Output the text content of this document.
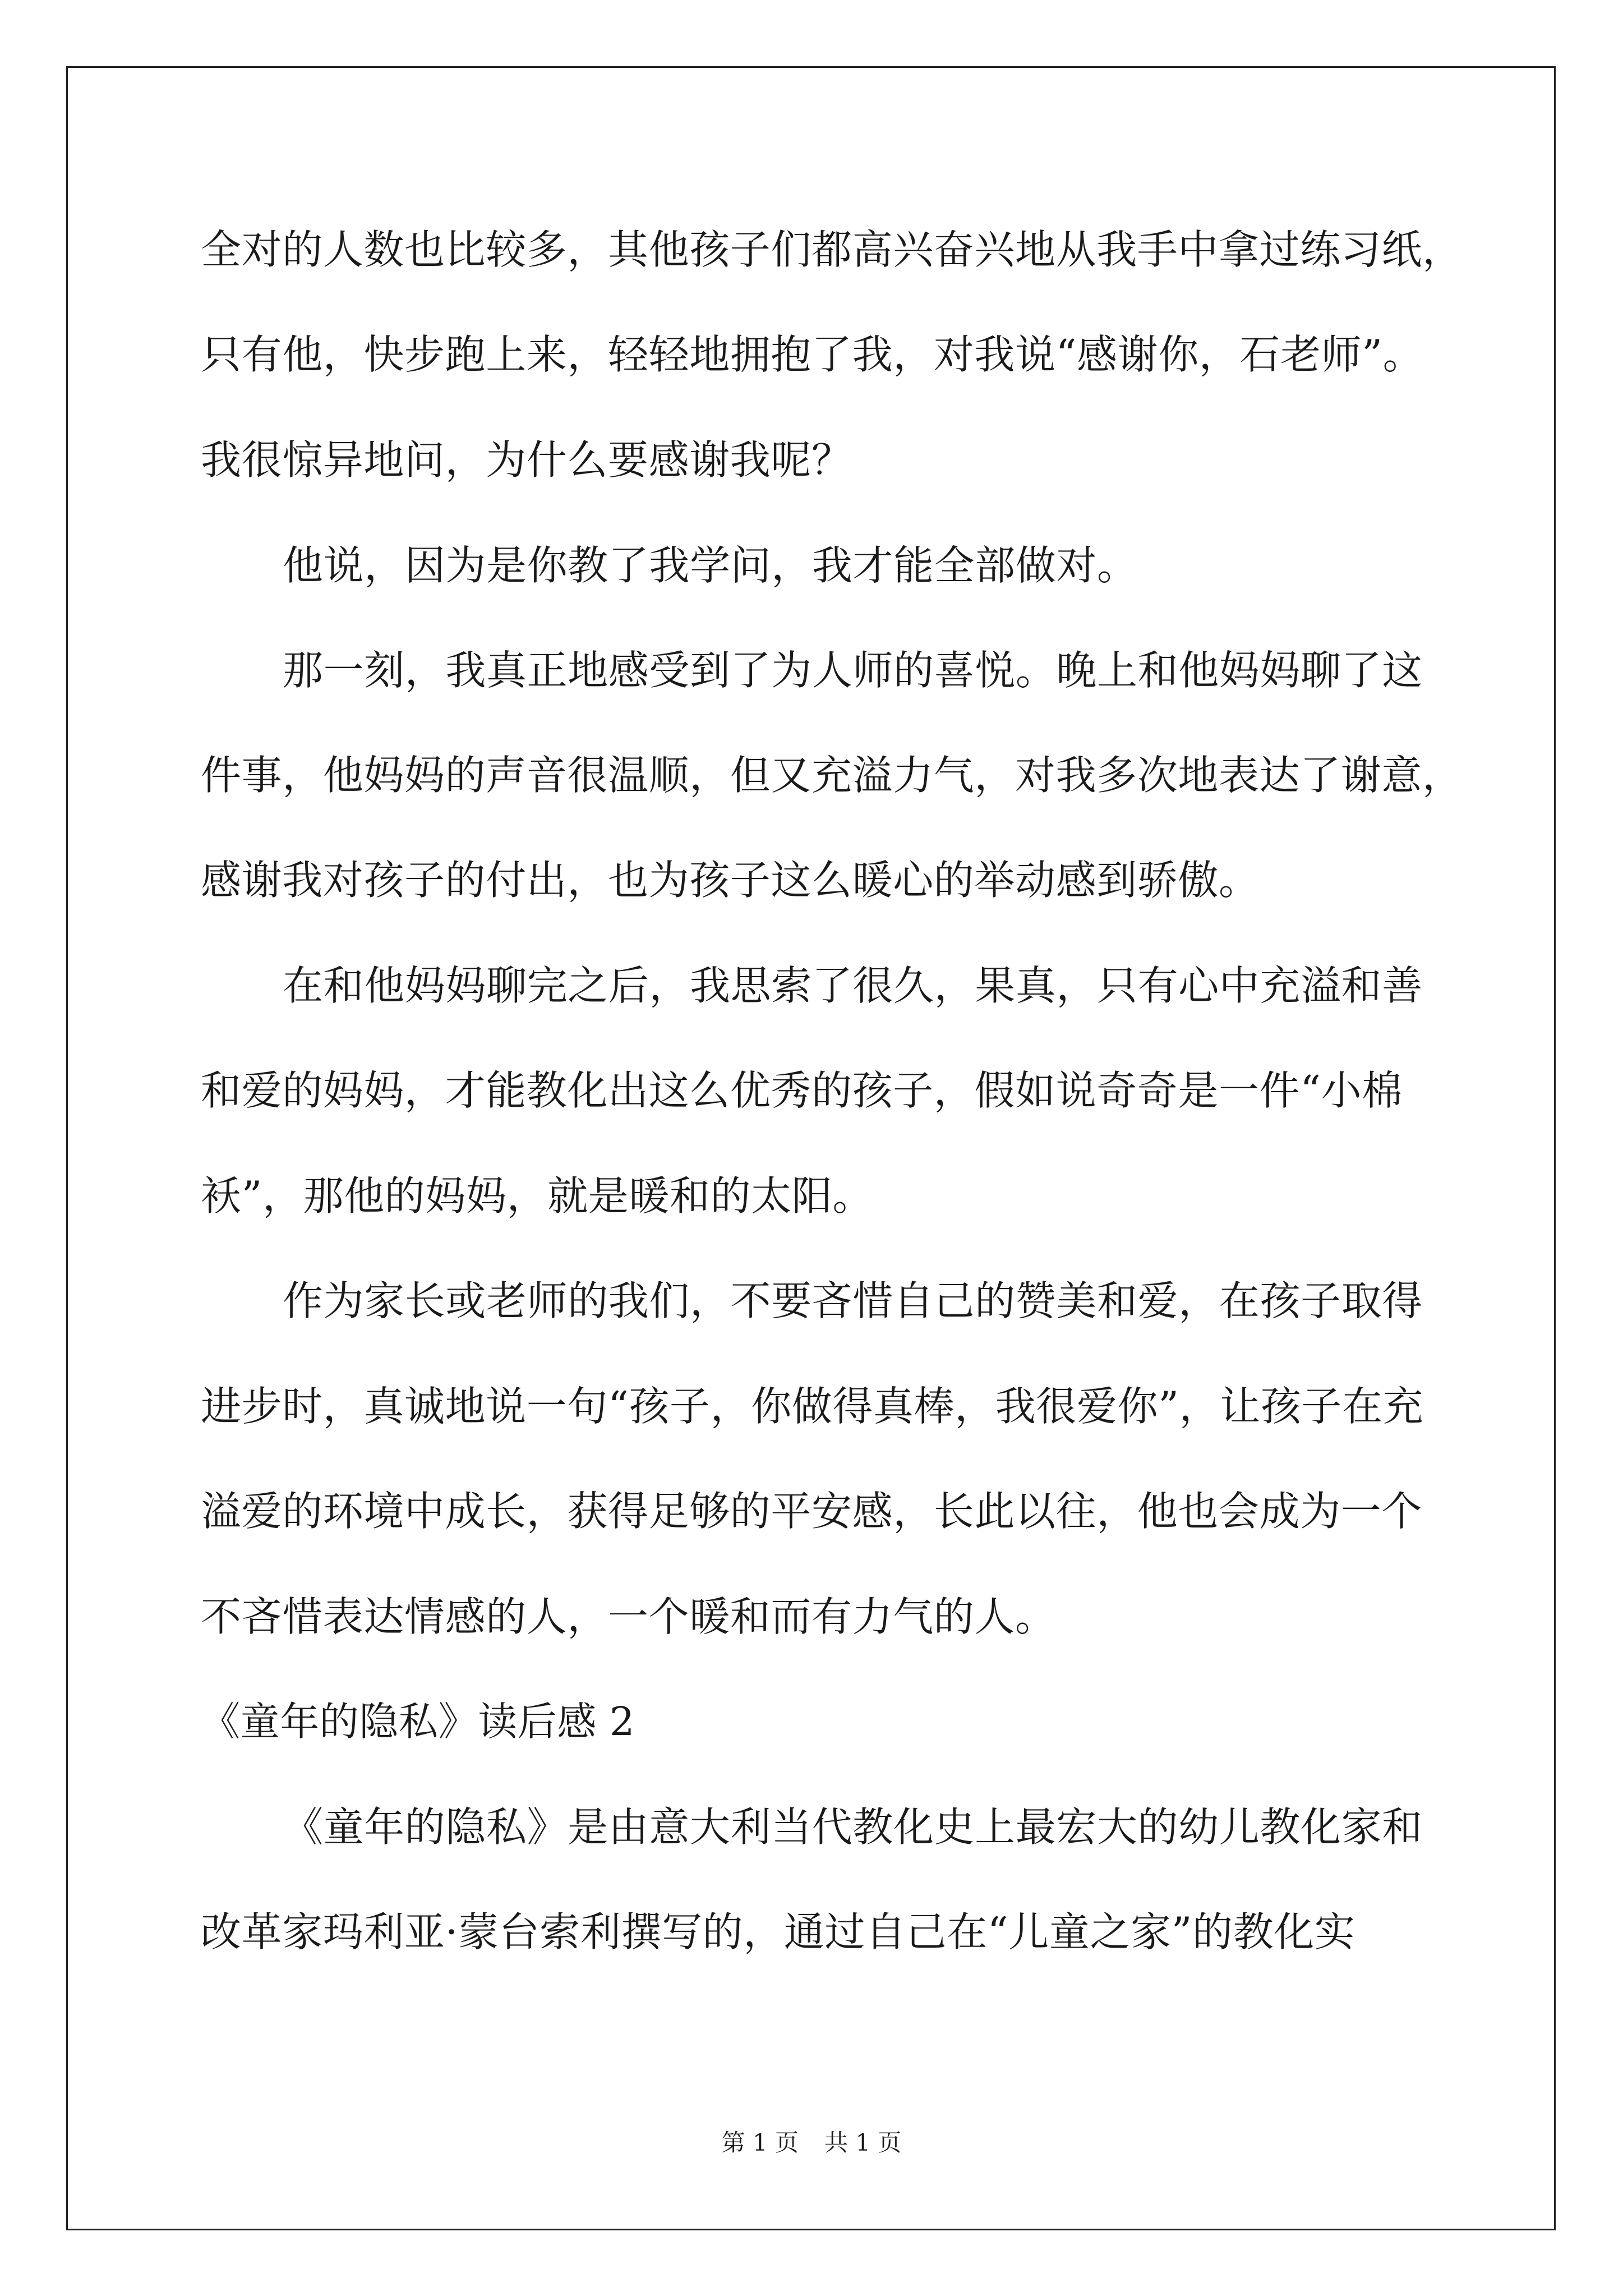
全对的人数也比较多，其他孩子们都高兴奋兴地从我手中拿过练习纸，
只有他，快步跑上来，轻轻地拥抱了我，对我说“感谢你，石老师”。
我很惊异地问，为什么要感谢我呢？
他说，因为是你教了我学问，我才能全部做对。
那一刻，我真正地感受到了为人师的喜悦。晚上和他妈妈聊了这
件事，他妈妈的声音很温顺，但又充溢力气，对我多次地表达了谢意，
感谢我对孩子的付出，也为孩子这么暖心的举动感到骄傲。
在和他妈妈聊完之后，我思索了很久，果真，只有心中充溢和善
和爱的妈妈，才能教化出这么优秀的孩子，假如说奇奇是一件“小棉
袄”，那他的妈妈，就是暖和的太阳。
作为家长或老师的我们，不要吝惜自己的赞美和爱，在孩子取得
进步时，真诚地说一句“孩子，你做得真棒，我很爱你”，让孩子在充
溢爱的环境中成长，获得足够的平安感，长此以往，他也会成为一个
不吝惜表达情感的人，一个暖和而有力气的人。
《童年的隐私》读后感 2
《童年的隐私》是由意大利当代教化史上最宏大的幼儿教化家和
改革家玛利亚·蒙台索利撰写的，通过自己在“儿童之家”的教化实
第 1 页 共 1 页
